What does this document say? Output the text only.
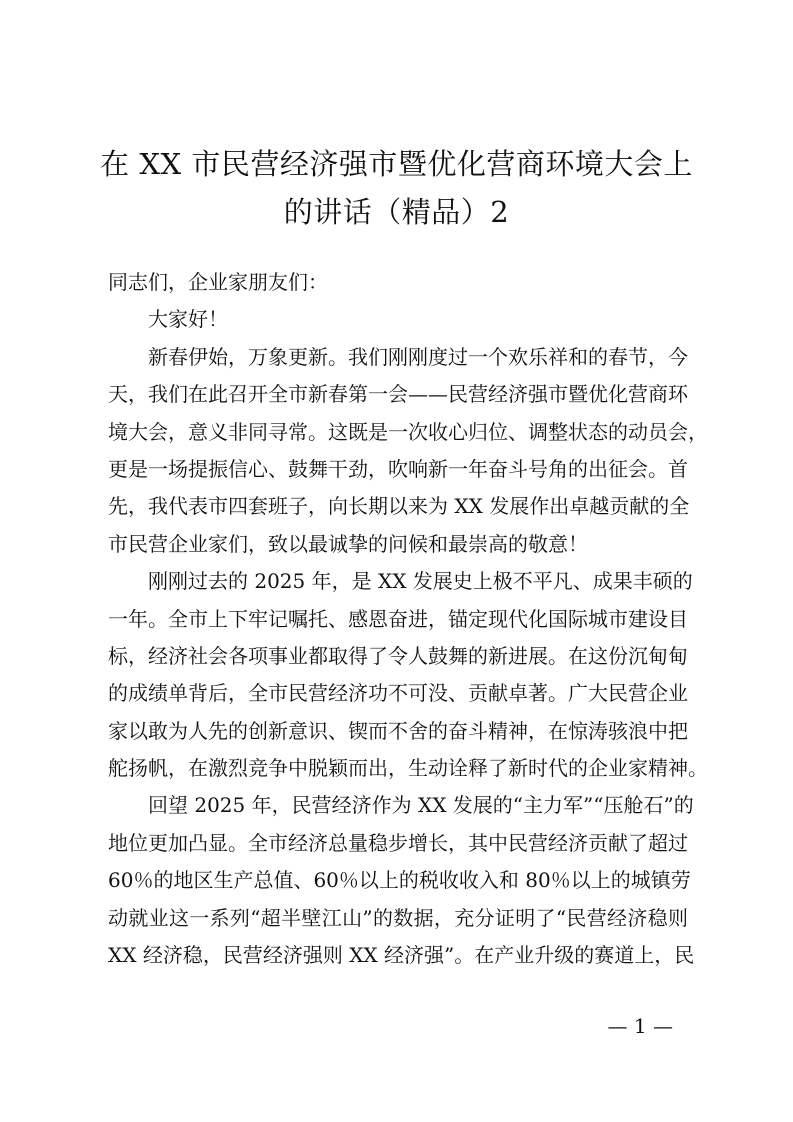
在 XX 市民营经济强市暨优化营商环境大会上
的讲话（精品）2
同志们，企业家朋友们：
大家好！
新春伊始，万象更新。我们刚刚度过一个欢乐祥和的春节，今
天，我们在此召开全市新春第一会——民营经济强市暨优化营商环
境大会，意义非同寻常。这既是一次收心归位、调整状态的动员会，
更是一场提振信心、鼓舞干劲，吹响新一年奋斗号角的出征会。首
先，我代表市四套班子，向长期以来为 XX 发展作出卓越贡献的全
市民营企业家们，致以最诚挚的问候和最崇高的敬意！
刚刚过去的 2025 年，是 XX 发展史上极不平凡、成果丰硕的
一年。全市上下牢记嘱托、感恩奋进，锚定现代化国际城市建设目
标，经济社会各项事业都取得了令人鼓舞的新进展。在这份沉甸甸
的成绩单背后，全市民营经济功不可没、贡献卓著。广大民营企业
家以敢为人先的创新意识、锲而不舍的奋斗精神，在惊涛骇浪中把
舵扬帆，在激烈竞争中脱颖而出，生动诠释了新时代的企业家精神。
回望 2025 年，民营经济作为 XX 发展的“主力军”“压舱石”的
地位更加凸显。全市经济总量稳步增长，其中民营经济贡献了超过
60％的地区生产总值、60％以上的税收收入和 80％以上的城镇劳
动就业这一系列“超半壁江山”的数据，充分证明了“民营经济稳则
XX 经济稳，民营经济强则 XX 经济强”。在产业升级的赛道上，民
— 1 —
